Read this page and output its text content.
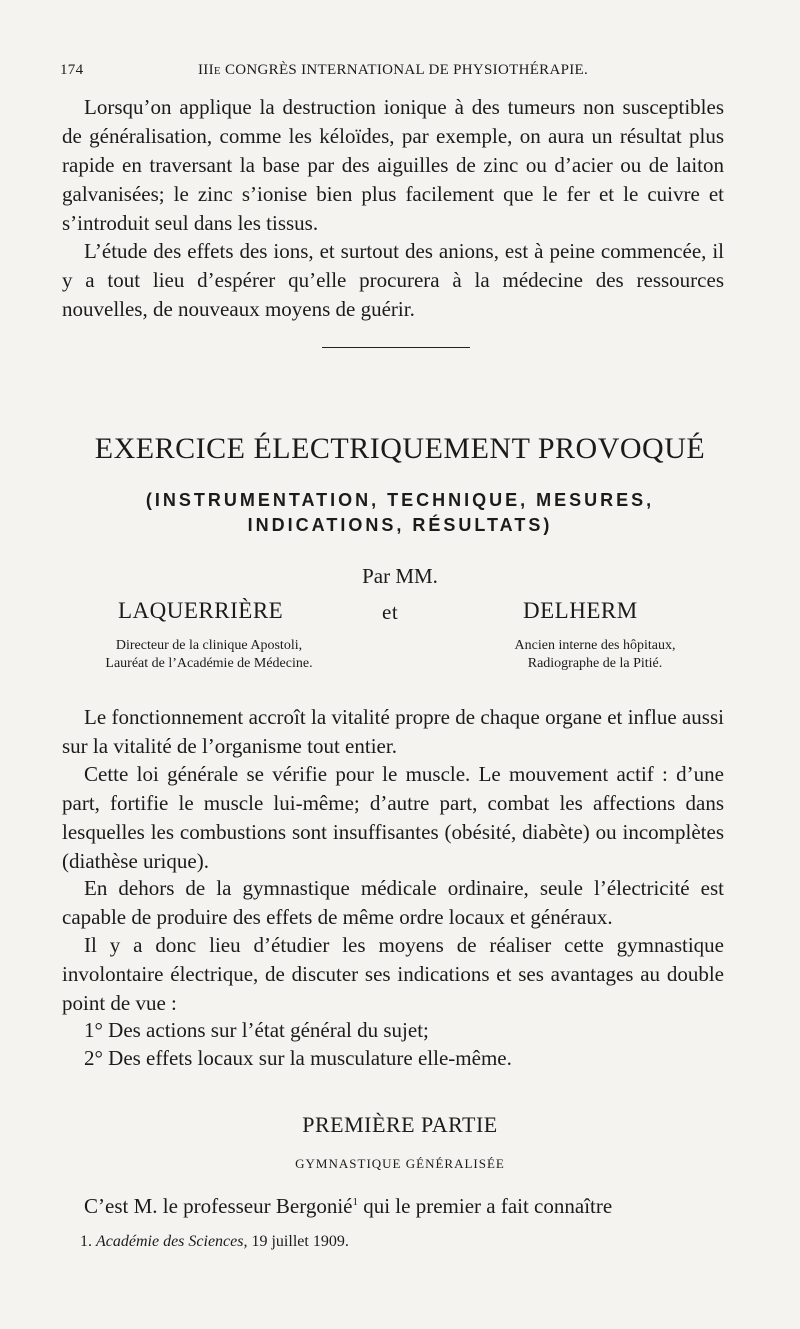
174	IIIe CONGRÈS INTERNATIONAL DE PHYSIOTHÉRAPIE.

Lorsqu’on applique la destruction ionique à des tumeurs non susceptibles de généralisation, comme les kéloïdes, par exemple, on aura un résultat plus rapide en traversant la base par des aiguilles de zinc ou d’acier ou de laiton galvanisées; le zinc s’ionise bien plus facilement que le fer et le cuivre et s’introduit seul dans les tissus.

L’étude des effets des ions, et surtout des anions, est à peine commencée, il y a tout lieu d’espérer qu’elle procurera à la médecine des ressources nouvelles, de nouveaux moyens de guérir.

EXERCICE ÉLECTRIQUEMENT PROVOQUÉ
(INSTRUMENTATION, TECHNIQUE, MESURES,
INDICATIONS, RÉSULTATS)
Par MM.
LAQUERRIÈRE	et	DELHERM
Directeur de la clinique Apostoli,
Lauréat de l’Académie de Médecine.
Ancien interne des hôpitaux,
Radiographe de la Pitié.

Le fonctionnement accroît la vitalité propre de chaque organe et influe aussi sur la vitalité de l’organisme tout entier.

Cette loi générale se vérifie pour le muscle. Le mouvement actif : d’une part, fortifie le muscle lui-même; d’autre part, combat les affections dans lesquelles les combustions sont insuffisantes (obésité, diabète) ou incomplètes (diathèse urique).

En dehors de la gymnastique médicale ordinaire, seule l’électricité est capable de produire des effets de même ordre locaux et généraux.

Il y a donc lieu d’étudier les moyens de réaliser cette gymnastique involontaire électrique, de discuter ses indications et ses avantages au double point de vue :

1° Des actions sur l’état général du sujet;

2° Des effets locaux sur la musculature elle-même.

PREMIÈRE PARTIE
GYMNASTIQUE GÉNÉRALISÉE

C’est M. le professeur Bergonié$^1$ qui le premier a fait connaître

1. Académie des Sciences, 19 juillet 1909.
